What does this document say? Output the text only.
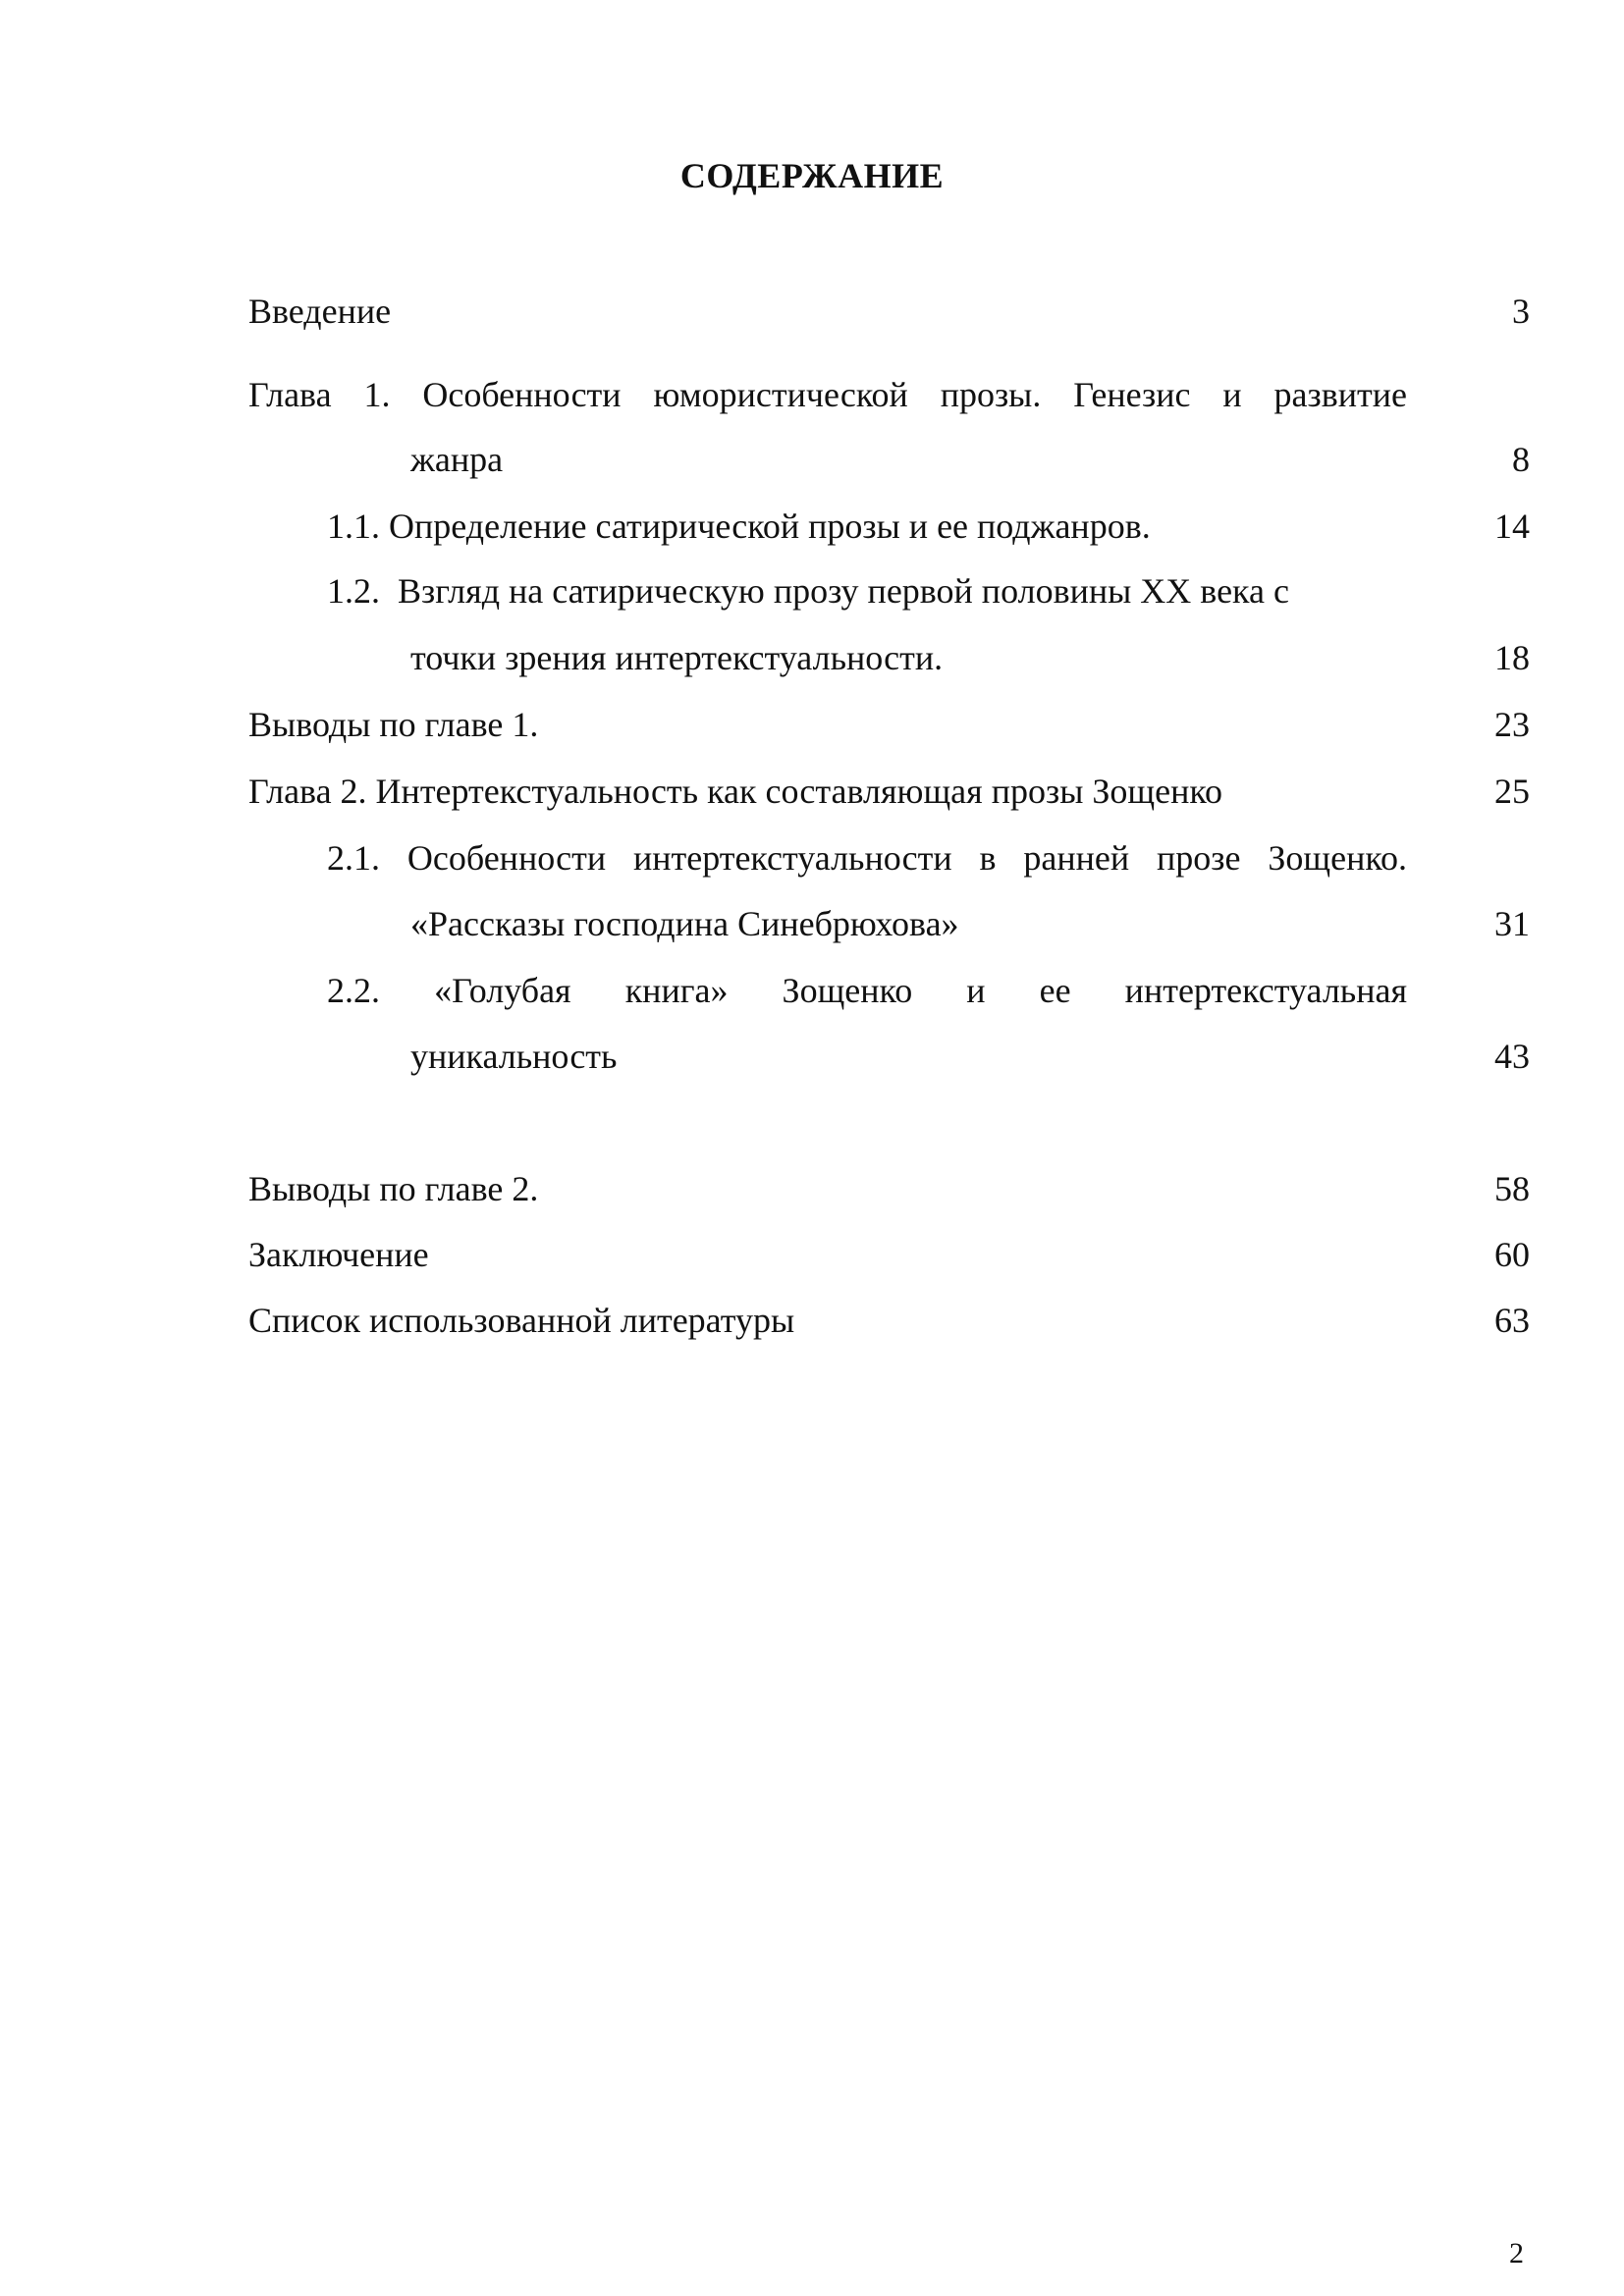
СОДЕРЖАНИЕ
Введение	3
Глава 1. Особенности юмористической прозы. Генезис и развитие
жанра	8
1.1. Определение сатирической прозы и ее поджанров.	14
1.2.  Взгляд на сатирическую прозу первой половины XX века с
точки зрения интертекстуальности.	18
Выводы по главе 1.	23
Глава 2. Интертекстуальность как составляющая прозы Зощенко	25
2.1. Особенности интертекстуальности в ранней прозе Зощенко.
«Рассказы господина Синебрюхова»	31
2.2. «Голубая книга» Зощенко и ее интертекстуальная
уникальность	43
Выводы по главе 2.	58
Заключение	60
Список использованной литературы	63
2
